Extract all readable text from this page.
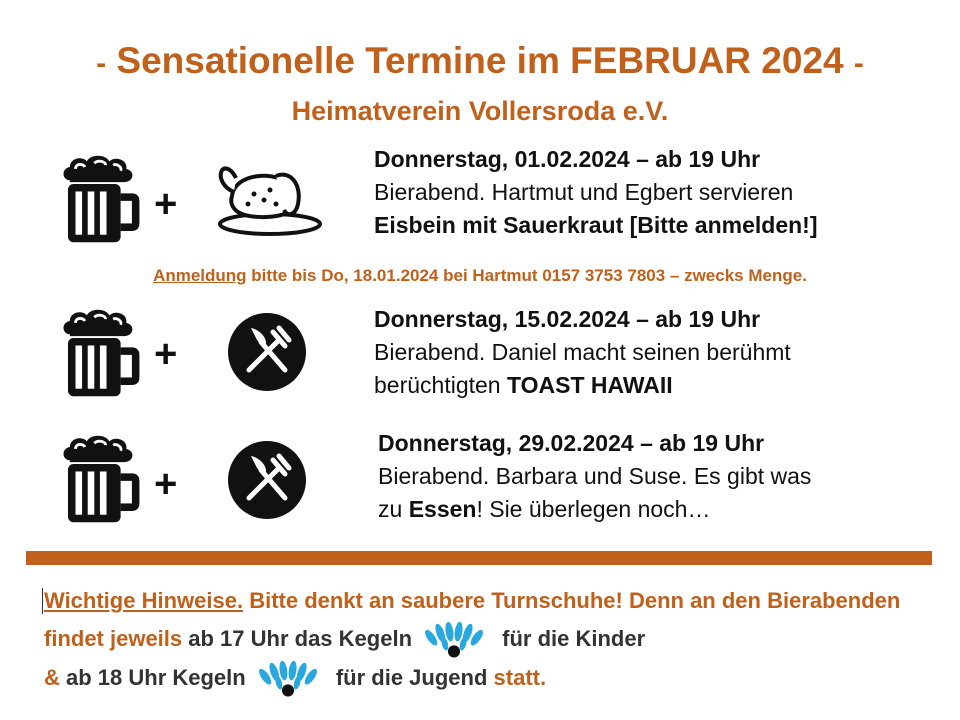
- Sensationelle Termine im FEBRUAR 2024 -
Heimatverein Vollersroda e.V.
+
Donnerstag, 01.02.2024 – ab 19 Uhr
Bierabend. Hartmut und Egbert servieren
Eisbein mit Sauerkraut [Bitte anmelden!]
Anmeldung bitte bis Do, 18.01.2024 bei Hartmut 0157 3753 7803 – zwecks Menge.
+
Donnerstag, 15.02.2024 – ab 19 Uhr
Bierabend. Daniel macht seinen berühmt
berüchtigten TOAST HAWAII
+
Donnerstag, 29.02.2024 – ab 19 Uhr
Bierabend. Barbara und Suse. Es gibt was
zu Essen! Sie überlegen noch…
Wichtige Hinweise. Bitte denkt an saubere Turnschuhe! Denn an den Bierabenden findet jeweils ab 17 Uhr das Kegeln	für die Kinder
& ab 18 Uhr Kegeln	für die Jugend statt.
